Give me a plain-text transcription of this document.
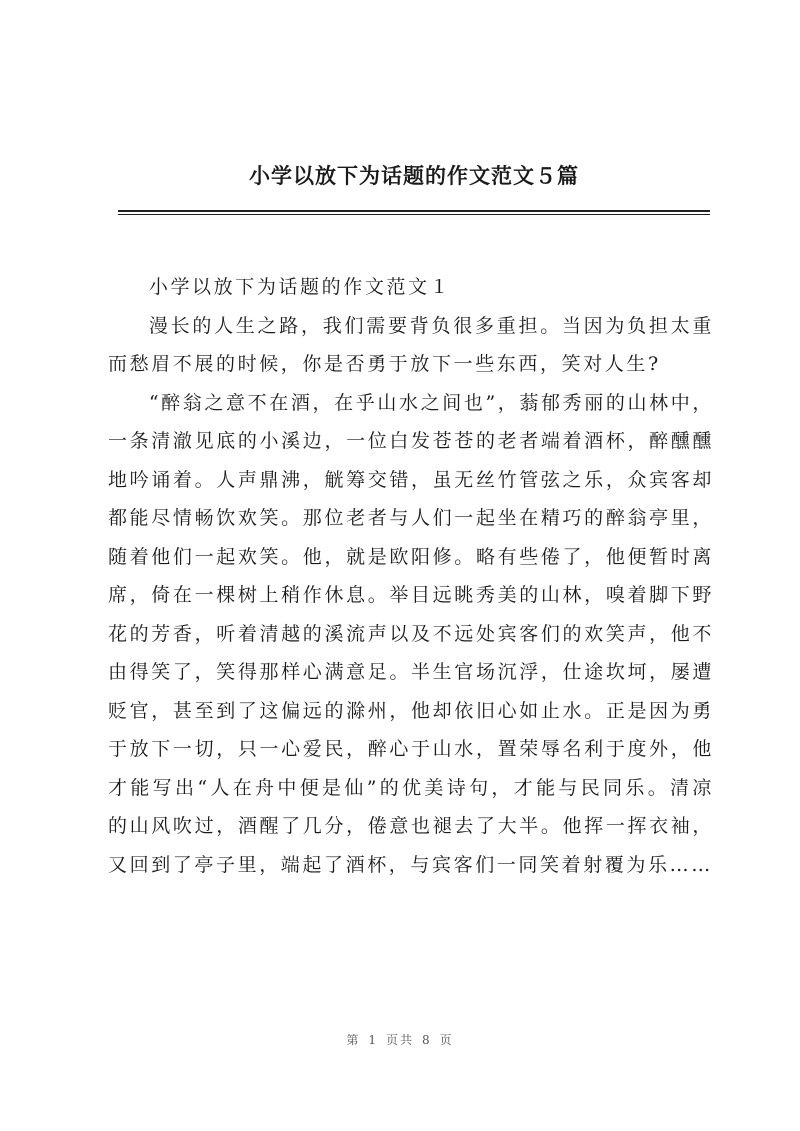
小学以放下为话题的作文范文５篇
小学以放下为话题的作文范文１

漫长的人生之路，我们需要背负很多重担。当因为负担太重而愁眉不展的时候，你是否勇于放下一些东西，笑对人生?

“醉翁之意不在酒，在乎山水之间也”，蓊郁秀丽的山林中，一条清澈见底的小溪边，一位白发苍苍的老者端着酒杯，醉醺醺地吟诵着。人声鼎沸，觥筹交错，虽无丝竹管弦之乐，众宾客却都能尽情畅饮欢笑。那位老者与人们一起坐在精巧的醉翁亭里，随着他们一起欢笑。他，就是欧阳修。略有些倦了，他便暂时离席，倚在一棵树上稍作休息。举目远眺秀美的山林，嗅着脚下野花的芳香，听着清越的溪流声以及不远处宾客们的欢笑声，他不由得笑了，笑得那样心满意足。半生官场沉浮，仕途坎坷，屡遭贬官，甚至到了这偏远的滁州，他却依旧心如止水。正是因为勇于放下一切，只一心爱民，醉心于山水，置荣辱名利于度外，他才能写出“人在舟中便是仙”的优美诗句，才能与民同乐。清凉的山风吹过，酒醒了几分，倦意也褪去了大半。他挥一挥衣袖，又回到了亭子里，端起了酒杯，与宾客们一同笑着射覆为乐……

第 1 页共 8 页
